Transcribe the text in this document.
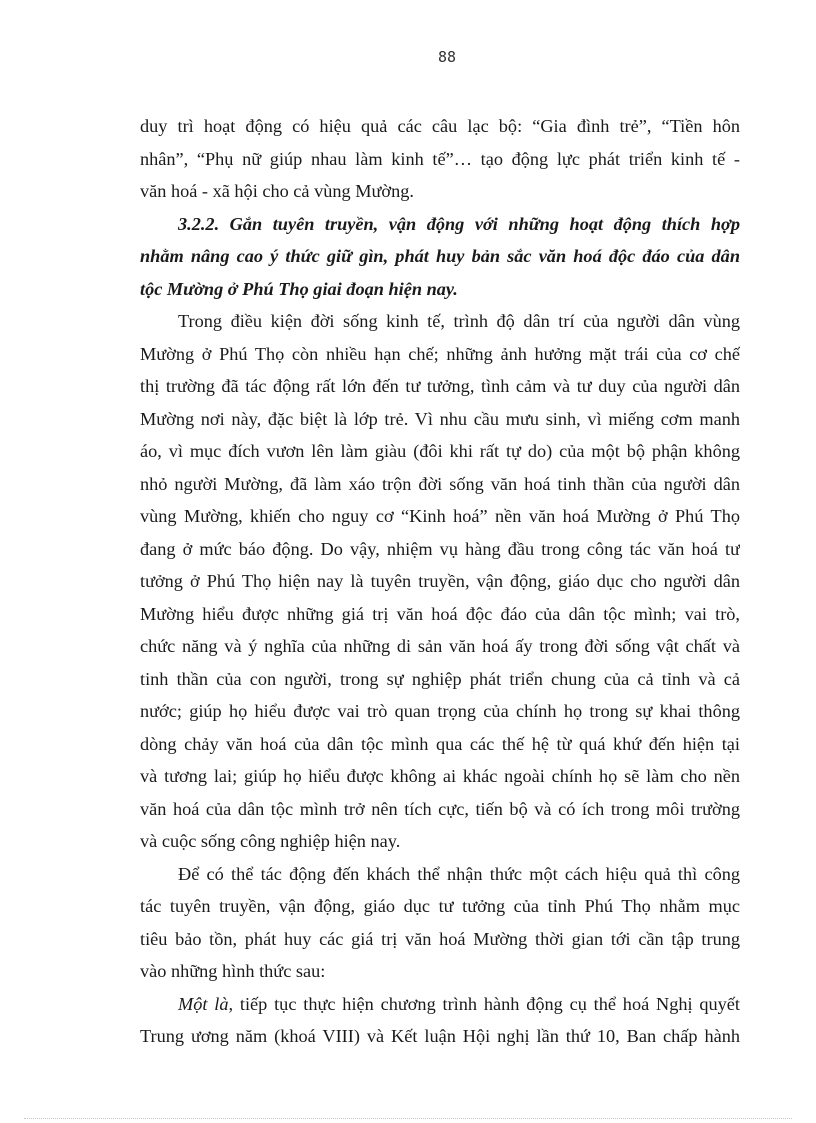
88
duy trì hoạt động có hiệu quả các câu lạc bộ: “Gia đình trẻ”, “Tiền hôn
nhân”, “Phụ nữ giúp nhau làm kinh tế”… tạo động lực phát triển kinh tế -
văn hoá - xã hội cho cả vùng Mường.
3.2.2. Gắn tuyên truyền, vận động với những hoạt động thích hợp
nhằm nâng cao ý thức giữ gìn, phát huy bản sắc văn hoá độc đáo của dân
tộc Mường ở Phú Thọ giai đoạn hiện nay.
Trong điều kiện đời sống kinh tế, trình độ dân trí của người dân vùng
Mường ở Phú Thọ còn nhiều hạn chế; những ảnh hưởng mặt trái của cơ chế
thị trường đã tác động rất lớn đến tư tưởng, tình cảm và tư duy của người dân
Mường nơi này, đặc biệt là lớp trẻ. Vì nhu cầu mưu sinh, vì miếng cơm manh
áo, vì mục đích vươn lên làm giàu (đôi khi rất tự do) của một bộ phận không
nhỏ người Mường, đã làm xáo trộn đời sống văn hoá tinh thần của người dân
vùng Mường, khiến cho nguy cơ “Kinh hoá” nền văn hoá Mường ở Phú Thọ
đang ở mức báo động. Do vậy, nhiệm vụ hàng đầu trong công tác văn hoá tư
tưởng ở Phú Thọ hiện nay là tuyên truyền, vận động, giáo dục cho người dân
Mường hiểu được những giá trị văn hoá độc đáo của dân tộc mình; vai trò,
chức năng và ý nghĩa của những di sản văn hoá ấy trong đời sống vật chất và
tinh thần của con người, trong sự nghiệp phát triển chung của cả tỉnh và cả
nước; giúp họ hiểu được vai trò quan trọng của chính họ trong sự khai thông
dòng chảy văn hoá của dân tộc mình qua các thế hệ từ quá khứ đến hiện tại
và tương lai; giúp họ hiểu được không ai khác ngoài chính họ sẽ làm cho nền
văn hoá của dân tộc mình trở nên tích cực, tiến bộ và có ích trong môi trường
và cuộc sống công nghiệp hiện nay.
Để có thể tác động đến khách thể nhận thức một cách hiệu quả thì công
tác tuyên truyền, vận động, giáo dục tư tưởng của tỉnh Phú Thọ nhằm mục
tiêu bảo tồn, phát huy các giá trị văn hoá Mường thời gian tới cần tập trung
vào những hình thức sau:
Một là, tiếp tục thực hiện chương trình hành động cụ thể hoá Nghị quyết
Trung ương năm (khoá VIII) và Kết luận Hội nghị lần thứ 10, Ban chấp hành
